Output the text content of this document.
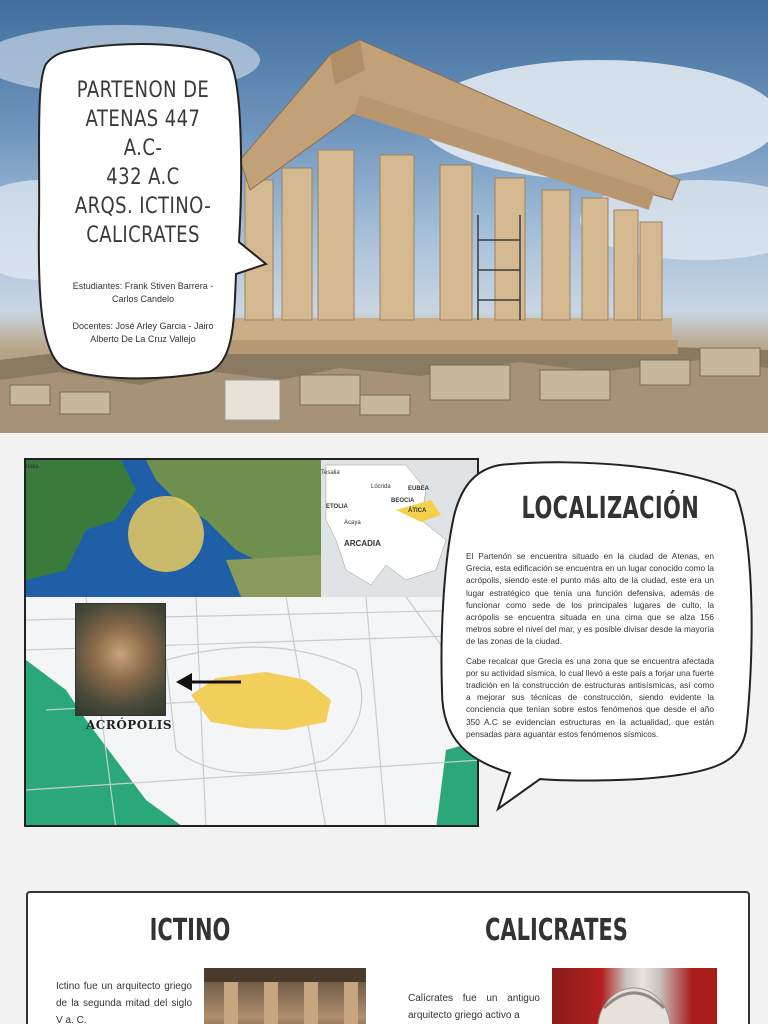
PARTENON DE
ATENAS 447 A.C-
432 A.C
ARQS. ICTINO-
CALICRATES
Estudiantes: Frank Stiven Barrera -
Carlos Candelo
Docentes: José Arley Garcia - Jairo
Alberto De La Cruz Vallejo
Italia
ETOLIA
EUBEA
ÁTICA
BEOCIA
ARCADIA
Lócrida
Acaya
Tesalia
ACRÓPOLIS
LOCALIZACIÓN

El Partenón se encuentra situado en la ciudad de Atenas, en Grecia, esta edificación se encuentra en un lugar conocido como la acrópolis, siendo este el punto más alto de la ciudad, este era un lugar estratégico que tenía una función defensiva, además de funcionar como sede de los principales lugares de culto, la acrópolis se encuentra situada en una cima que se alza 156 metros sobre el nivel del mar, y es posible divisar desde la mayoría de las zonas de la ciudad.

Cabe recalcar que Grecia es una zona que se encuentra afectada por su actividad sísmica, lo cual llevó a este país a forjar una fuerte tradición en la construcción de estructuras antisísmicas, así como a mejorar sus técnicas de construcción, siendo evidente la conciencia que tenían sobre estos fenómenos que desde el año 350 A.C se evidencian estructuras en la actualidad, que están pensadas para aguantar estos fenómenos sísmicos.

ICTINO	CALICRATES

Ictino fue un arquitecto griego de la segunda mitad del siglo V a. C.

Calícrates fue un antiguo arquitecto griego activo a
